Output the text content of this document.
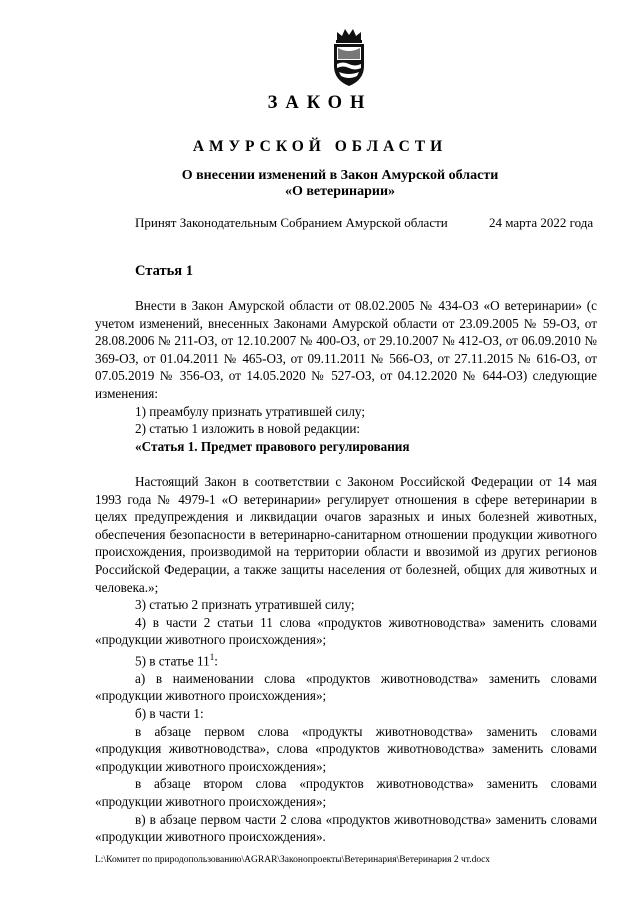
ЗАКОН
АМУРСКОЙ ОБЛАСТИ
О внесении изменений в Закон Амурской области
«О ветеринарии»
Принят Законодательным Собранием Амурской области	24 марта 2022 года
Статья 1

Внести в Закон Амурской области от 08.02.2005 № 434-ОЗ «О ветеринарии» (с учетом изменений, внесенных Законами Амурской области от 23.09.2005 № 59-ОЗ, от 28.08.2006 № 211-ОЗ, от 12.10.2007 № 400-ОЗ, от 29.10.2007 № 412-ОЗ, от 06.09.2010 № 369-ОЗ, от 01.04.2011 № 465-ОЗ, от 09.11.2011 № 566-ОЗ, от 27.11.2015 № 616-ОЗ, от 07.05.2019 № 356-ОЗ, от 14.05.2020 № 527-ОЗ, от 04.12.2020 № 644-ОЗ) следующие изменения:

1) преамбулу признать утратившей силу;

2) статью 1 изложить в новой редакции:

«Статья 1. Предмет правового регулирования

Настоящий Закон в соответствии с Законом Российской Федерации от 14 мая 1993 года № 4979-1 «О ветеринарии» регулирует отношения в сфере ветеринарии в целях предупреждения и ликвидации очагов заразных и иных болезней животных, обеспечения безопасности в ветеринарно-санитарном отношении продукции животного происхождения, производимой на территории области и ввозимой из других регионов Российской Федерации, а также защиты населения от болезней, общих для животных и человека.»;

3) статью 2 признать утратившей силу;

4) в части 2 статьи 11 слова «продуктов животноводства» заменить словами «продукции животного происхождения»;

5) в статье $11^1$:

а) в наименовании слова «продуктов животноводства» заменить словами «продукции животного происхождения»;

б) в части 1:

в абзаце первом слова «продукты животноводства» заменить словами «продукция животноводства», слова «продуктов животноводства» заменить словами «продукции животного происхождения»;

в абзаце втором слова «продуктов животноводства» заменить словами «продукции животного происхождения»;

в) в абзаце первом части 2 слова «продуктов животноводства» заменить словами «продукции животного происхождения».

L:\Комитет по природопользованию\AGRAR\Законопроекты\Ветеринария\Ветеринария 2 чт.docx
